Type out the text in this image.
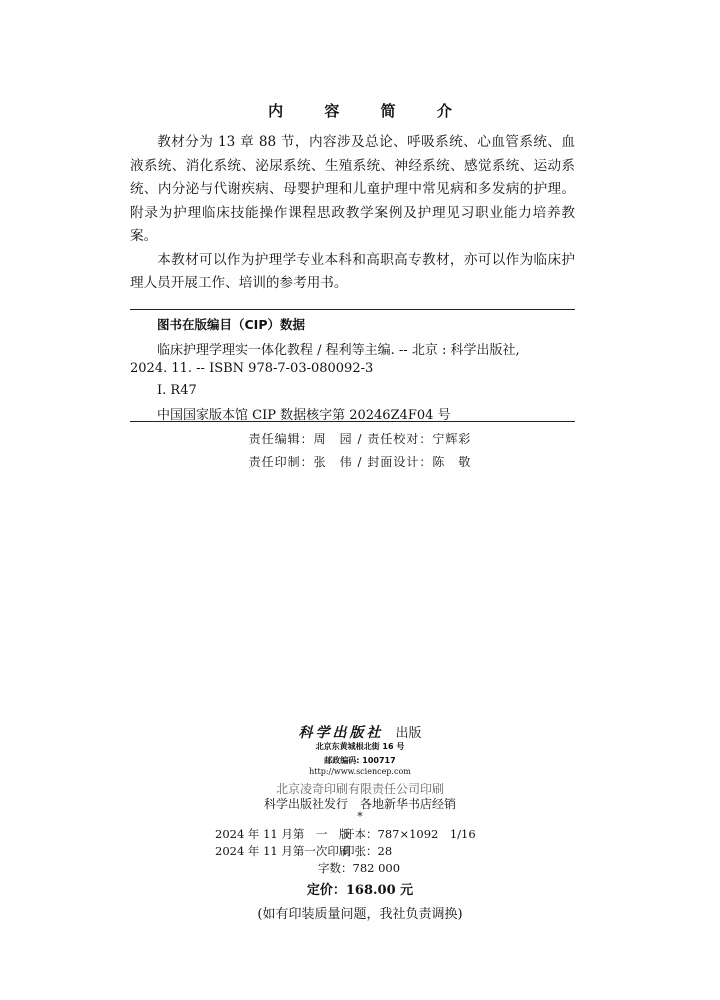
内 容 简 介

教材分为 13 章 88 节，内容涉及总论、呼吸系统、心血管系统、血液系统、消化系统、泌尿系统、生殖系统、神经系统、感觉系统、运动系统、内分泌与代谢疾病、母婴护理和儿童护理中常见病和多发病的护理。附录为护理临床技能操作课程思政教学案例及护理见习职业能力培养教案。

本教材可以作为护理学专业本科和高职高专教材，亦可以作为临床护理人员开展工作、培训的参考用书。

图书在版编目（CIP）数据
临床护理学理实一体化教程 / 程利等主编. -- 北京 : 科学出版社,
2024. 11. -- ISBN 978-7-03-080092-3
Ⅰ. R47
中国国家版本馆 CIP 数据核字第 20246Z4F04 号
责任编辑：周　园 / 责任校对：宁辉彩
责任印制：张　伟 / 封面设计：陈　敬
科学出版社 出版
北京东黄城根北街 16 号
邮政编码: 100717
http://www.sciencep.com
北京凌奇印刷有限责任公司印刷
科学出版社发行　各地新华书店经销
*
2024 年 11 月第　一　版开本：787×1092　1/16
2024 年 11 月第一次印刷印张：28
字数：782 000
定价：168.00 元
(如有印装质量问题，我社负责调换)
